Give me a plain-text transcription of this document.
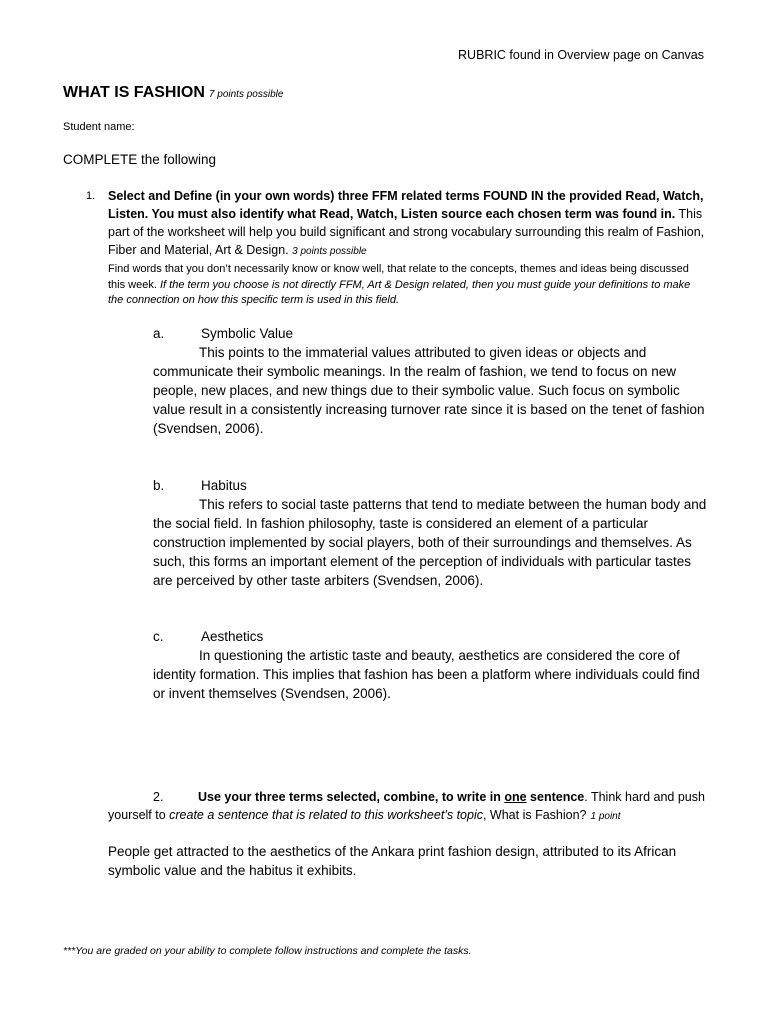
RUBRIC found in Overview page on Canvas
WHAT IS FASHION 7 points possible
Student name:
COMPLETE the following
1. Select and Define (in your own words) three FFM related terms FOUND IN the provided Read, Watch, Listen. You must also identify what Read, Watch, Listen source each chosen term was found in. This part of the worksheet will help you build significant and strong vocabulary surrounding this realm of Fashion, Fiber and Material, Art & Design. 3 points possible
Find words that you don’t necessarily know or know well, that relate to the concepts, themes and ideas being discussed this week. If the term you choose is not directly FFM, Art & Design related, then you must guide your definitions to make the connection on how this specific term is used in this field.
a.	Symbolic Value
This points to the immaterial values attributed to given ideas or objects and communicate their symbolic meanings. In the realm of fashion, we tend to focus on new people, new places, and new things due to their symbolic value. Such focus on symbolic value result in a consistently increasing turnover rate since it is based on the tenet of fashion (Svendsen, 2006).
b.	Habitus
This refers to social taste patterns that tend to mediate between the human body and the social field. In fashion philosophy, taste is considered an element of a particular construction implemented by social players, both of their surroundings and themselves. As such, this forms an important element of the perception of individuals with particular tastes are perceived by other taste arbiters (Svendsen, 2006).
c.	Aesthetics
In questioning the artistic taste and beauty, aesthetics are considered the core of identity formation. This implies that fashion has been a platform where individuals could find or invent themselves (Svendsen, 2006).
2.	Use your three terms selected, combine, to write in one sentence. Think hard and push yourself to create a sentence that is related to this worksheet’s topic, What is Fashion? 1 point
People get attracted to the aesthetics of the Ankara print fashion design, attributed to its African symbolic value and the habitus it exhibits.
***You are graded on your ability to complete follow instructions and complete the tasks.
